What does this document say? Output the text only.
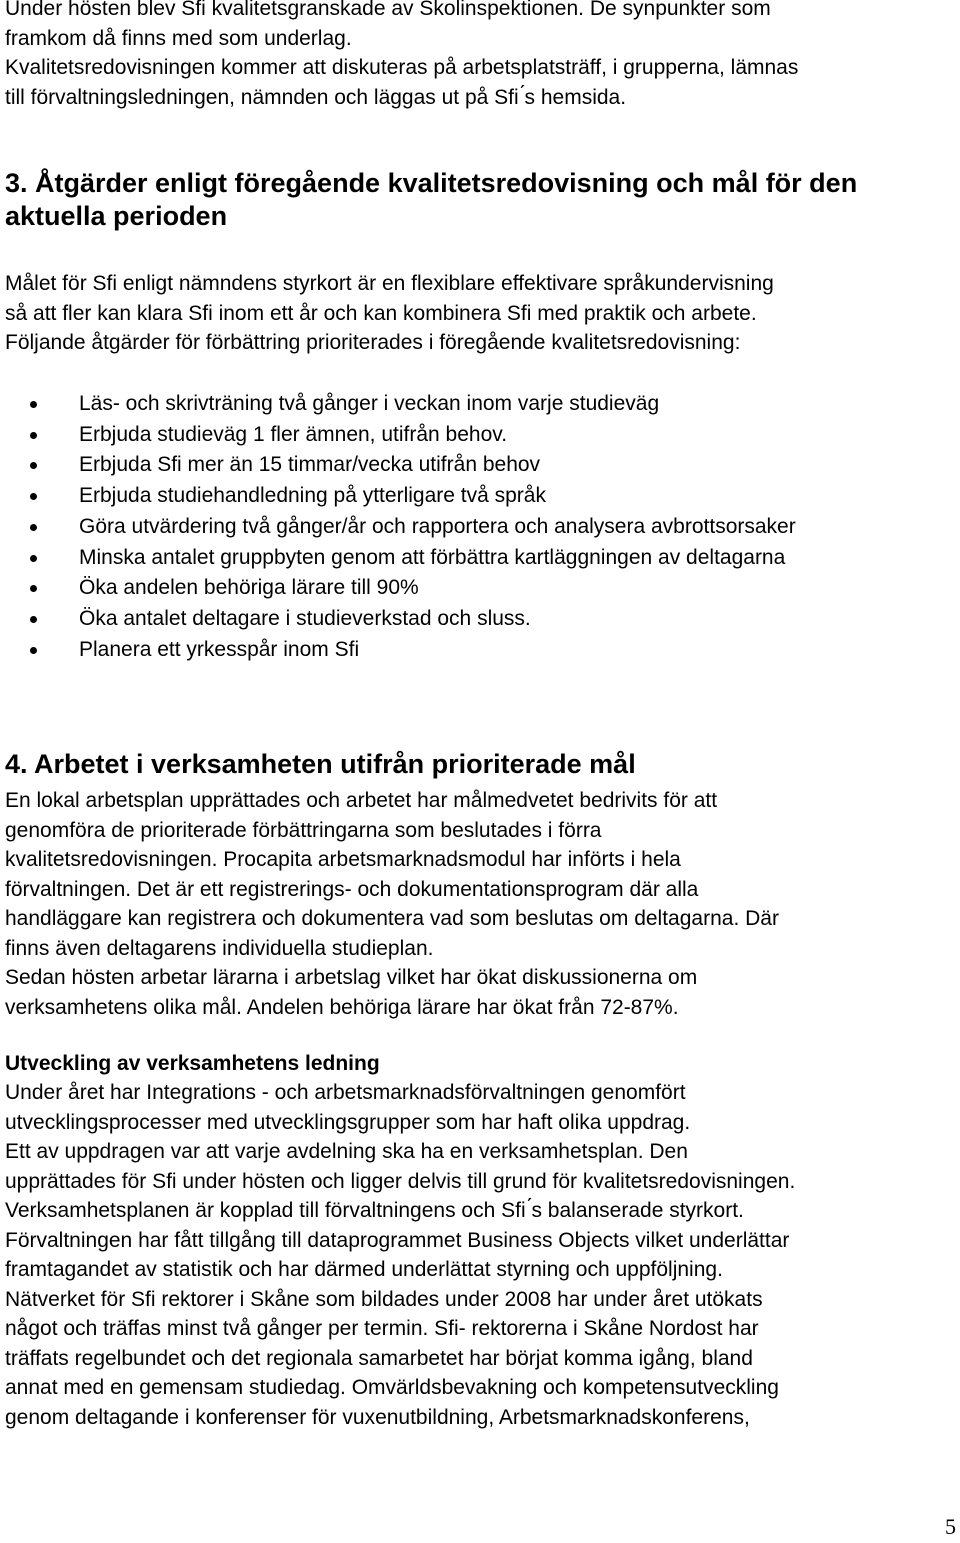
Under hösten blev Sfi kvalitetsgranskade av Skolinspektionen. De synpunkter som
framkom då finns med som underlag.
Kvalitetsredovisningen kommer att diskuteras på arbetsplatsträff, i grupperna, lämnas
till förvaltningsledningen, nämnden och läggas ut på Sfi ́s hemsida.
3. Åtgärder enligt föregående kvalitetsredovisning och mål för den
aktuella perioden
Målet för Sfi enligt nämndens styrkort är en flexiblare effektivare språkundervisning
så att fler kan klara Sfi inom ett år och kan kombinera Sfi med praktik och arbete.
Följande åtgärder för förbättring prioriterades i föregående kvalitetsredovisning:
Läs- och skrivträning två gånger i veckan inom varje studieväg
Erbjuda studieväg 1 fler ämnen, utifrån behov.
Erbjuda Sfi mer än 15 timmar/vecka utifrån behov
Erbjuda studiehandledning på ytterligare två språk
Göra utvärdering två gånger/år och rapportera och analysera avbrottsorsaker
Minska antalet gruppbyten genom att förbättra kartläggningen av deltagarna
Öka andelen behöriga lärare till 90%
Öka antalet deltagare i studieverkstad och sluss.
Planera ett yrkesspår inom Sfi
4. Arbetet i verksamheten utifrån prioriterade mål
En lokal arbetsplan upprättades och arbetet har målmedvetet bedrivits för att
genomföra de prioriterade förbättringarna som beslutades i förra
kvalitetsredovisningen. Procapita arbetsmarknadsmodul har införts i hela
förvaltningen. Det är ett registrerings- och dokumentationsprogram där alla
handläggare kan registrera och dokumentera vad som beslutas om deltagarna. Där
finns även deltagarens individuella studieplan.
Sedan hösten arbetar lärarna i arbetslag vilket har ökat diskussionerna om
verksamhetens olika mål. Andelen behöriga lärare har ökat från 72-87%.
Utveckling av verksamhetens ledning
Under året har Integrations - och arbetsmarknadsförvaltningen genomfört
utvecklingsprocesser med utvecklingsgrupper som har haft olika uppdrag.
Ett av uppdragen var att varje avdelning ska ha en verksamhetsplan. Den
upprättades för Sfi under hösten och ligger delvis till grund för kvalitetsredovisningen.
Verksamhetsplanen är kopplad till förvaltningens och Sfi ́s balanserade styrkort.
Förvaltningen har fått tillgång till dataprogrammet Business Objects vilket underlättar
framtagandet av statistik och har därmed underlättat styrning och uppföljning.
Nätverket för Sfi rektorer i Skåne som bildades under 2008 har under året utökats
något och träffas minst två gånger per termin. Sfi- rektorerna i Skåne Nordost har
träffats regelbundet och det regionala samarbetet har börjat komma igång, bland
annat med en gemensam studiedag. Omvärldsbevakning och kompetensutveckling
genom deltagande i konferenser för vuxenutbildning, Arbetsmarknadskonferens,
5
